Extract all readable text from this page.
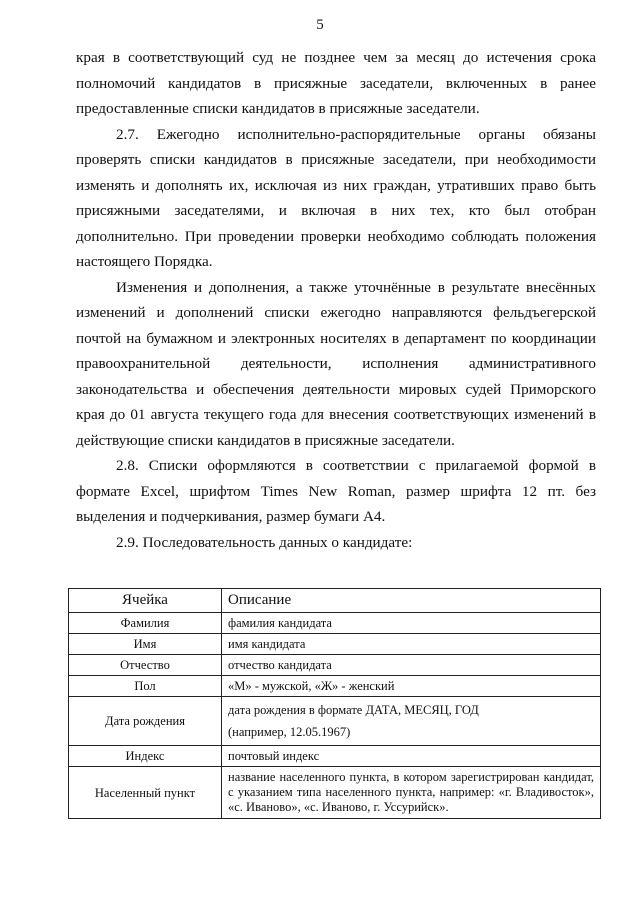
5

края в соответствующий суд не позднее чем за месяц до истечения срока полномочий кандидатов в присяжные заседатели, включенных в ранее предоставленные списки кандидатов в присяжные заседатели.

2.7. Ежегодно исполнительно-распорядительные органы обязаны проверять списки кандидатов в присяжные заседатели, при необходимости изменять и дополнять их, исключая из них граждан, утративших право быть присяжными заседателями, и включая в них тех, кто был отобран дополнительно. При проведении проверки необходимо соблюдать положения настоящего Порядка.

Изменения и дополнения, а также уточнённые в результате внесённых изменений и дополнений списки ежегодно направляются фельдъегерской почтой на бумажном и электронных носителях в департамент по координации правоохранительной деятельности, исполнения административного законодательства и обеспечения деятельности мировых судей Приморского края до 01 августа текущего года для внесения соответствующих изменений в действующие списки кандидатов в присяжные заседатели.

2.8. Списки оформляются в соответствии с прилагаемой формой в формате Excel, шрифтом Times New Roman, размер шрифта 12 пт. без выделения и подчеркивания, размер бумаги А4.

2.9. Последовательность данных о кандидате:

Ячейка	Описание
Фамилия	фамилия кандидата
Имя	имя кандидата
Отчество	отчество кандидата
Пол	«М» - мужской, «Ж» - женский
Дата рождения	дата рождения в формате ДАТА, МЕСЯЦ, ГОД
(например, 12.05.1967)

Индекс	почтовый индекс
Населенный пункт	название населенного пункта, в котором зарегистрирован кандидат, с указанием типа населенного пункта, например: «г. Владивосток», «с. Иваново», «с. Иваново, г. Уссурийск».
